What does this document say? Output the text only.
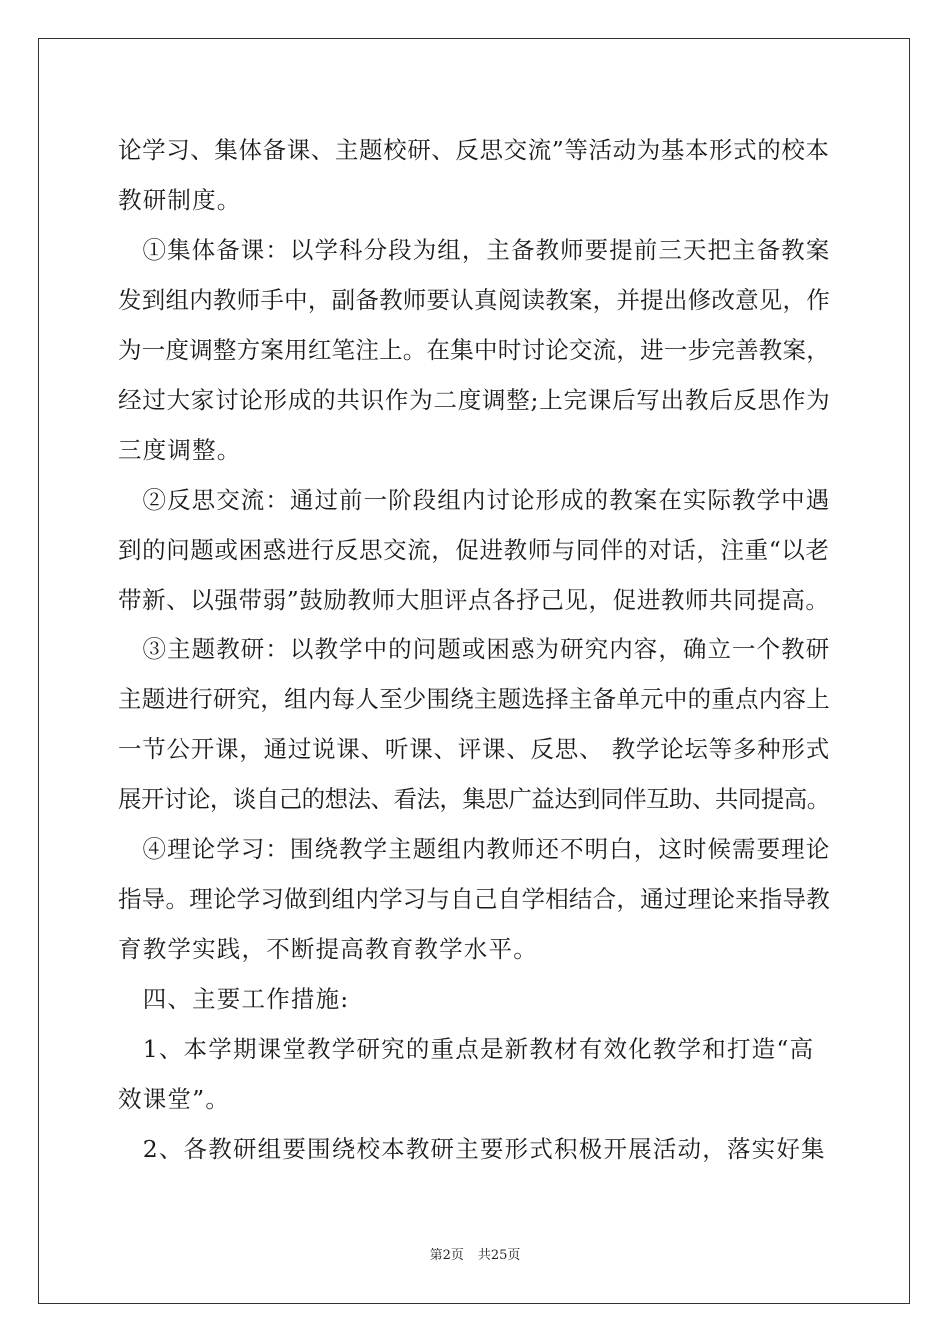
论学习、集体备课、主题校研、反思交流”等活动为基本形式的校本
教研制度。
　①集体备课：以学科分段为组，主备教师要提前三天把主备教案
发到组内教师手中，副备教师要认真阅读教案，并提出修改意见，作
为一度调整方案用红笔注上。在集中时讨论交流，进一步完善教案，
经过大家讨论形成的共识作为二度调整;上完课后写出教后反思作为
三度调整。
　②反思交流：通过前一阶段组内讨论形成的教案在实际教学中遇
到的问题或困惑进行反思交流，促进教师与同伴的对话，注重“以老
带新、以强带弱”鼓励教师大胆评点各抒己见，促进教师共同提高。
　③主题教研：以教学中的问题或困惑为研究内容，确立一个教研
主题进行研究，组内每人至少围绕主题选择主备单元中的重点内容上
一节公开课，通过说课、听课、评课、反思、 教学论坛等多种形式
展开讨论，谈自己的想法、看法，集思广益达到同伴互助、共同提高。
　④理论学习：围绕教学主题组内教师还不明白，这时候需要理论
指导。理论学习做到组内学习与自己自学相结合，通过理论来指导教
育教学实践，不断提高教育教学水平。
　四、主要工作措施:
　1、本学期课堂教学研究的重点是新教材有效化教学和打造“高
效课堂”。
　2、各教研组要围绕校本教研主要形式积极开展活动，落实好集
第2页 共25页
